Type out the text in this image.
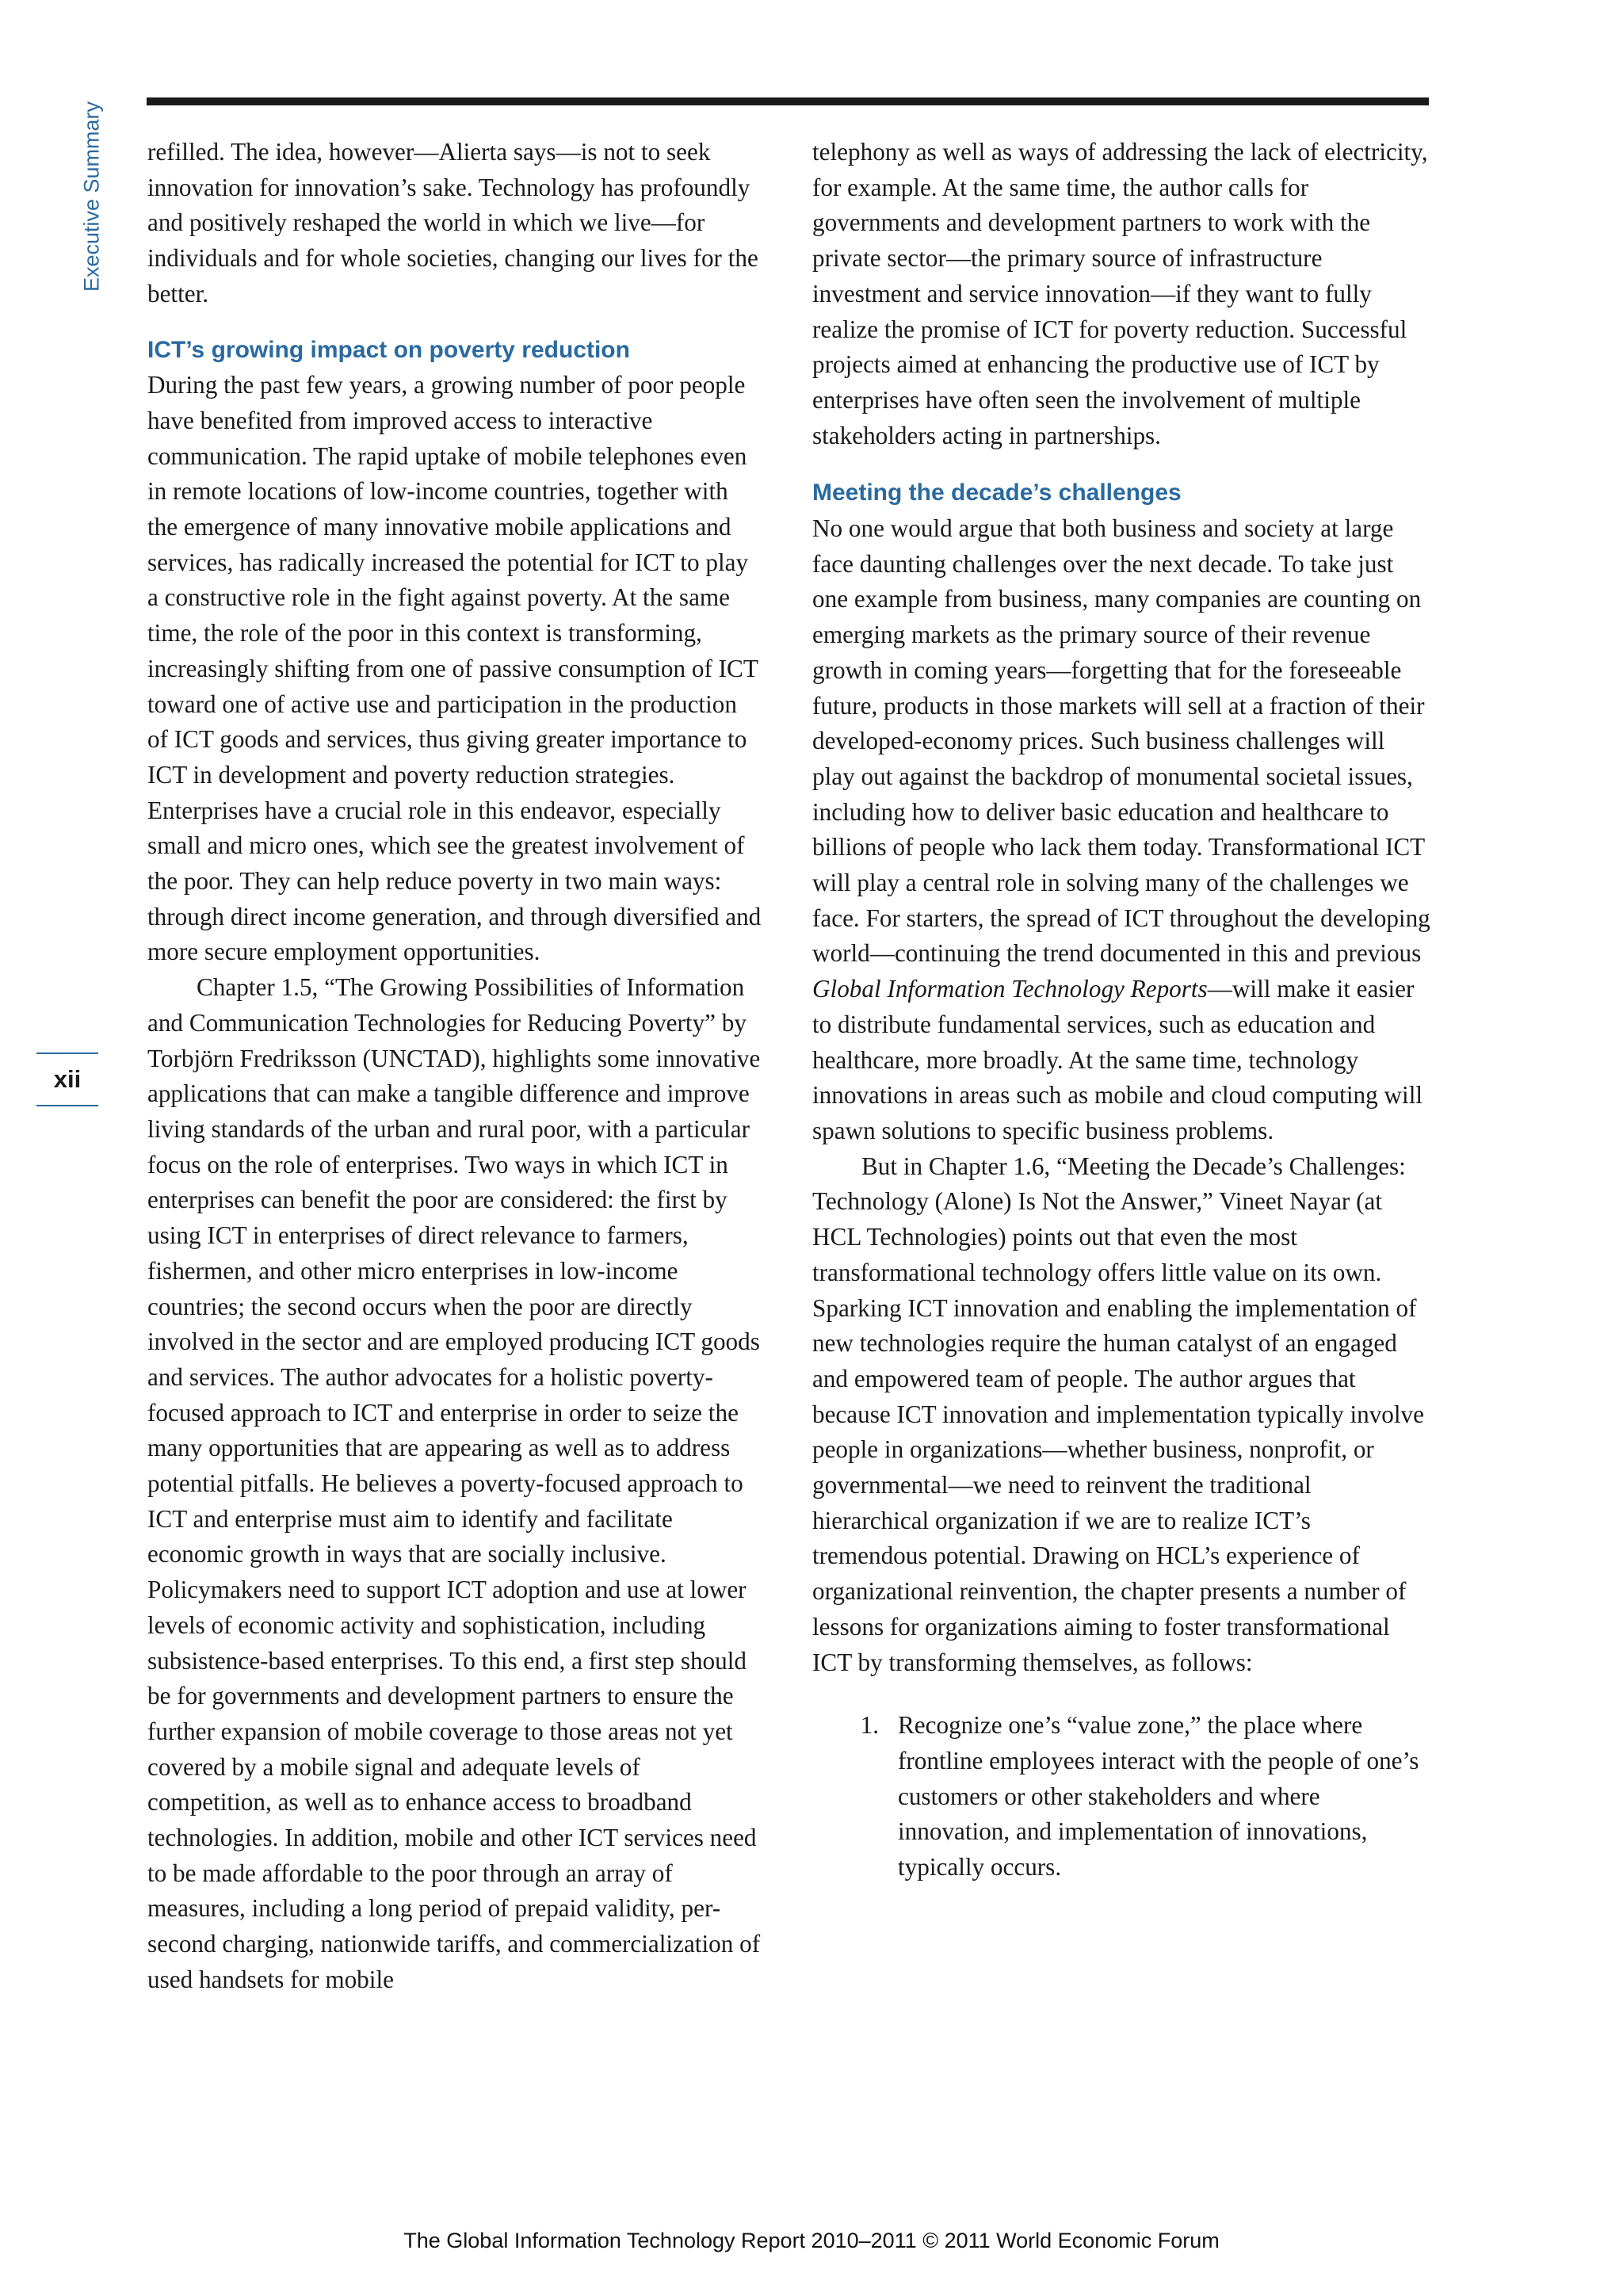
Executive Summary
xii

refilled. The idea, however—Alierta says—is not to seek innovation for innovation’s sake. Technology has profoundly and positively reshaped the world in which we live—for individuals and for whole societies, changing our lives for the better.

ICT’s growing impact on poverty reduction

During the past few years, a growing number of poor people have benefited from improved access to interactive communication. The rapid uptake of mobile telephones even in remote locations of low-income countries, together with the emergence of many innovative mobile applications and services, has radically increased the potential for ICT to play a constructive role in the fight against poverty. At the same time, the role of the poor in this context is transforming, increasingly shifting from one of passive consumption of ICT toward one of active use and participation in the production of ICT goods and services, thus giving greater importance to ICT in development and poverty reduction strategies. Enterprises have a crucial role in this endeavor, especially small and micro ones, which see the greatest involvement of the poor. They can help reduce poverty in two main ways: through direct income generation, and through diversified and more secure employment opportunities.

Chapter 1.5, “The Growing Possibilities of Information and Communication Technologies for Reducing Poverty” by Torbjörn Fredriksson (UNCTAD), highlights some innovative applications that can make a tangible difference and improve living standards of the urban and rural poor, with a particular focus on the role of enterprises. Two ways in which ICT in enterprises can benefit the poor are considered: the first by using ICT in enterprises of direct relevance to farmers, fishermen, and other micro enterprises in low-income countries; the second occurs when the poor are directly involved in the sector and are employed producing ICT goods and services. The author advocates for a holistic poverty-focused approach to ICT and enterprise in order to seize the many opportunities that are appearing as well as to address potential pitfalls. He believes a poverty-focused approach to ICT and enterprise must aim to identify and facilitate economic growth in ways that are socially inclusive. Policymakers need to support ICT adoption and use at lower levels of economic activity and sophistication, including subsistence-based enterprises. To this end, a first step should be for governments and development partners to ensure the further expansion of mobile coverage to those areas not yet covered by a mobile signal and adequate levels of competition, as well as to enhance access to broadband technologies. In addition, mobile and other ICT services need to be made affordable to the poor through an array of measures, including a long period of prepaid validity, per-second charging, nationwide tariffs, and commercialization of used handsets for mobile

telephony as well as ways of addressing the lack of electricity, for example. At the same time, the author calls for governments and development partners to work with the private sector—the primary source of infrastructure investment and service innovation—if they want to fully realize the promise of ICT for poverty reduction. Successful projects aimed at enhancing the productive use of ICT by enterprises have often seen the involvement of multiple stakeholders acting in partnerships.

Meeting the decade’s challenges

No one would argue that both business and society at large face daunting challenges over the next decade. To take just one example from business, many companies are counting on emerging markets as the primary source of their revenue growth in coming years—forgetting that for the foreseeable future, products in those markets will sell at a fraction of their developed-economy prices. Such business challenges will play out against the backdrop of monumental societal issues, including how to deliver basic education and healthcare to billions of people who lack them today. Transformational ICT will play a central role in solving many of the challenges we face. For starters, the spread of ICT throughout the developing world—continuing the trend documented in this and previous Global Information Technology Reports—will make it easier to distribute fundamental services, such as education and healthcare, more broadly. At the same time, technology innovations in areas such as mobile and cloud computing will spawn solutions to specific business problems.

But in Chapter 1.6, “Meeting the Decade’s Challenges: Technology (Alone) Is Not the Answer,” Vineet Nayar (at HCL Technologies) points out that even the most transformational technology offers little value on its own. Sparking ICT innovation and enabling the implementation of new technologies require the human catalyst of an engaged and empowered team of people. The author argues that because ICT innovation and implementation typically involve people in organizations—whether business, nonprofit, or governmental—we need to reinvent the traditional hierarchical organization if we are to realize ICT’s tremendous potential. Drawing on HCL’s experience of organizational reinvention, the chapter presents a number of lessons for organizations aiming to foster transformational ICT by transforming themselves, as follows:

1. Recognize one’s “value zone,” the place where frontline employees interact with the people of one’s customers or other stakeholders and where innovation, and implementation of innovations, typically occurs.
The Global Information Technology Report 2010–2011 © 2011 World Economic Forum
